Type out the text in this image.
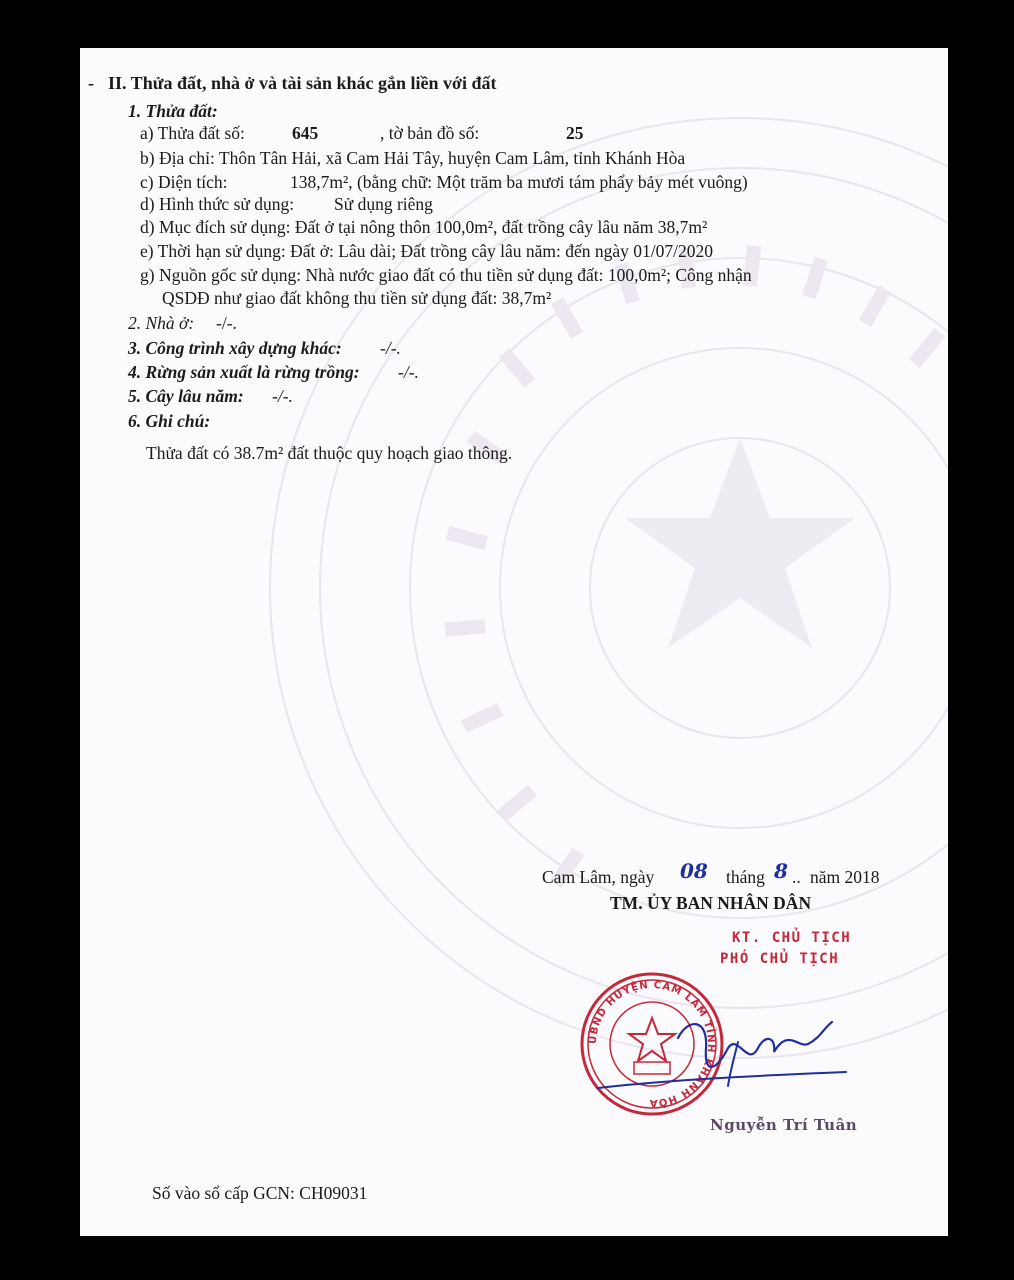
- II. Thửa đất, nhà ở và tài sản khác gắn liền với đất
1. Thửa đất:
a) Thửa đất số:	645	, tờ bản đồ số:	25
b) Địa chỉ: Thôn Tân Hải, xã Cam Hải Tây, huyện Cam Lâm, tỉnh Khánh Hòa
c) Diện tích:	138,7m², (bằng chữ: Một trăm ba mươi tám phẩy bảy mét vuông)
d) Hình thức sử dụng: Sử dụng riêng
d) Mục đích sử dụng: Đất ở tại nông thôn 100,0m², đất trồng cây lâu năm 38,7m²
e) Thời hạn sử dụng: Đất ở: Lâu dài; Đất trồng cây lâu năm: đến ngày 01/07/2020
g) Nguồn gốc sử dụng: Nhà nước giao đất có thu tiền sử dụng đất: 100,0m²; Công nhận
QSDĐ như giao đất không thu tiền sử dụng đất: 38,7m²
2. Nhà ở: -/-.
3. Công trình xây dựng khác: -/-.
4. Rừng sản xuất là rừng trồng: -/-.
5. Cây lâu năm: -/-.
6. Ghi chú:
Thửa đất có 38.7m² đất thuộc quy hoạch giao thông.
Cam Lâm, ngày 08 tháng 8 .. năm 2018
TM. ỦY BAN NHÂN DÂN
KT. CHỦ TỊCH
PHÓ CHỦ TỊCH
UBND HUYỆN CAM LÂM TỈNH KHÁNH HÒA
Nguyễn Trí Tuân
Số vào sổ cấp GCN: CH09031
